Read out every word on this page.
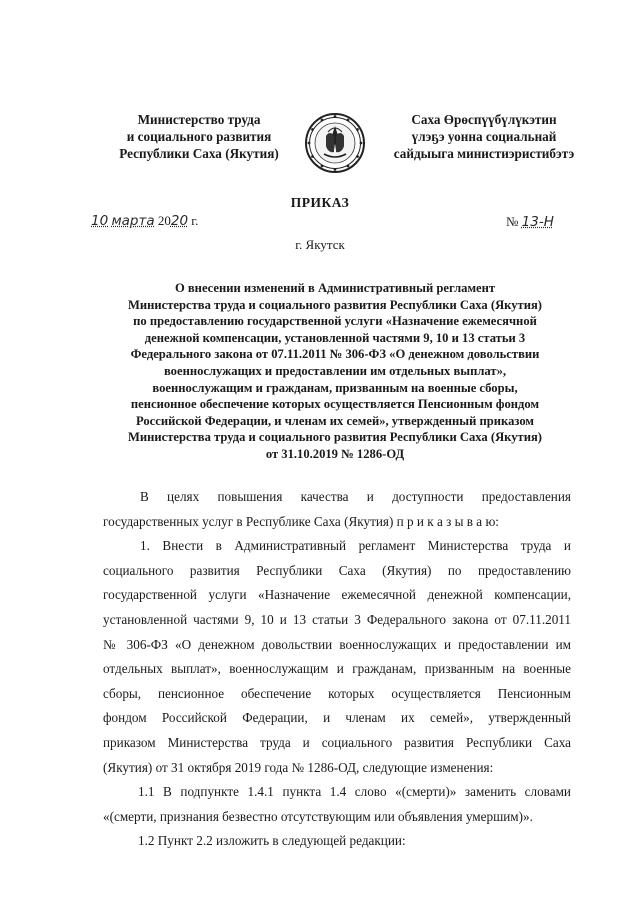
Министерство труда
и социального развития
Республики Саха (Якутия)
Саха Өрөспүүбүлүкэтин
үлэҕэ уонна социальнай
сайдыыга министиэристибэтэ
ПРИКАЗ
10 марта 2020 г.	№ 13-Н
г. Якутск
О внесении изменений в Административный регламент
Министерства труда и социального развития Республики Саха (Якутия)
по предоставлению государственной услуги «Назначение ежемесячной
денежной компенсации, установленной частями 9, 10 и 13 статьи 3
Федерального закона от 07.11.2011 № 306-ФЗ «О денежном довольствии
военнослужащих и предоставлении им отдельных выплат»,
военнослужащим и гражданам, призванным на военные сборы,
пенсионное обеспечение которых осуществляется Пенсионным фондом
Российской Федерации, и членам их семей», утвержденный приказом
Министерства труда и социального развития Республики Саха (Якутия)
от 31.10.2019 № 1286-ОД
В целях повышения качества и доступности предоставления
государственных услуг в Республике Саха (Якутия) п р и к а з ы в а ю:
1. Внести в Административный регламент Министерства труда и
социального развития Республики Саха (Якутия) по предоставлению
государственной услуги «Назначение ежемесячной денежной компенсации,
установленной частями 9, 10 и 13 статьи 3 Федерального закона от 07.11.2011
№ 306-ФЗ «О денежном довольствии военнослужащих и предоставлении им
отдельных выплат», военнослужащим и гражданам, призванным на военные
сборы, пенсионное обеспечение которых осуществляется Пенсионным
фондом Российской Федерации, и членам их семей», утвержденный
приказом Министерства труда и социального развития Республики Саха
(Якутия) от 31 октября 2019 года № 1286-ОД, следующие изменения:
1.1 В подпункте 1.4.1 пункта 1.4 слово «(смерти)» заменить словами
«(смерти, признания безвестно отсутствующим или объявления умершим)».
1.2 Пункт 2.2 изложить в следующей редакции:
